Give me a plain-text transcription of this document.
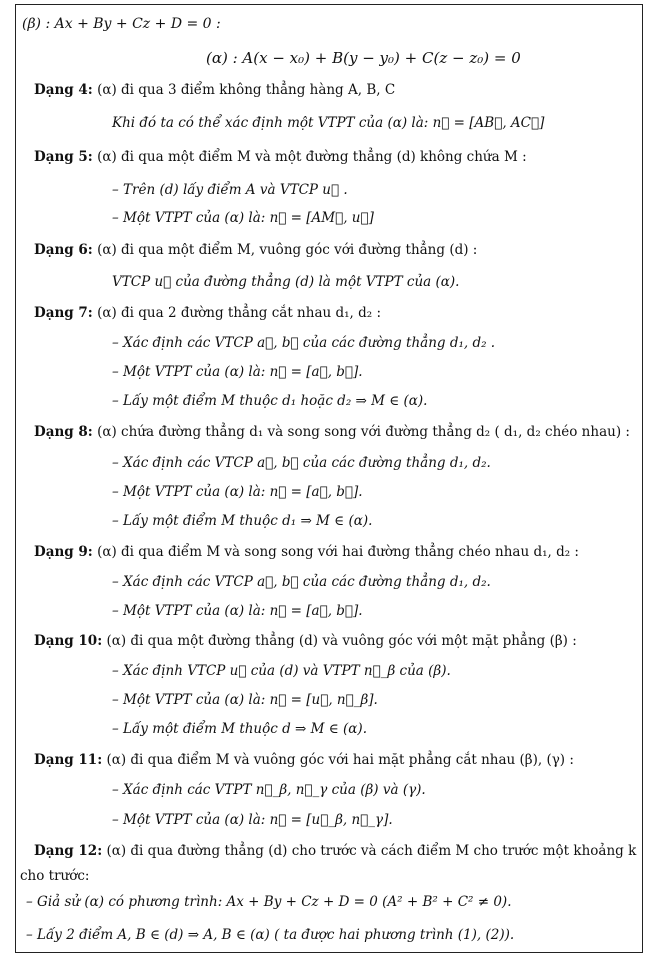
(β) : Ax + By + Cz + D = 0 :
(α) : A(x − x₀) + B(y − y₀) + C(z − z₀) = 0
Dạng 4: (α) đi qua 3 điểm không thẳng hàng A, B, C
Khi đó ta có thể xác định một VTPT của (α) là: n⃗ = [AB⃗, AC⃗]
Dạng 5: (α) đi qua một điểm M và một đường thẳng (d) không chứa M :
– Trên (d) lấy điểm A và VTCP u⃗ .
– Một VTPT của (α) là: n⃗ = [AM⃗, u⃗]
Dạng 6: (α) đi qua một điểm M, vuông góc với đường thẳng (d) :
VTCP u⃗ của đường thẳng (d) là một VTPT của (α).
Dạng 7: (α) đi qua 2 đường thẳng cắt nhau d₁, d₂ :
– Xác định các VTCP a⃗, b⃗ của các đường thẳng d₁, d₂ .
– Một VTPT của (α) là: n⃗ = [a⃗, b⃗].
– Lấy một điểm M thuộc d₁ hoặc d₂ ⇒ M ∈ (α).
Dạng 8: (α) chứa đường thẳng d₁ và song song với đường thẳng d₂ ( d₁, d₂ chéo nhau) :
– Xác định các VTCP a⃗, b⃗ của các đường thẳng d₁, d₂.
– Một VTPT của (α) là: n⃗ = [a⃗, b⃗].
– Lấy một điểm M thuộc d₁ ⇒ M ∈ (α).
Dạng 9: (α) đi qua điểm M và song song với hai đường thẳng chéo nhau d₁, d₂ :
– Xác định các VTCP a⃗, b⃗ của các đường thẳng d₁, d₂.
– Một VTPT của (α) là: n⃗ = [a⃗, b⃗].
Dạng 10: (α) đi qua một đường thẳng (d) và vuông góc với một mặt phẳng (β) :
– Xác định VTCP u⃗ của (d) và VTPT n⃗_β của (β).
– Một VTPT của (α) là: n⃗ = [u⃗, n⃗_β].
– Lấy một điểm M thuộc d ⇒ M ∈ (α).
Dạng 11: (α) đi qua điểm M và vuông góc với hai mặt phẳng cắt nhau (β), (γ) :
– Xác định các VTPT n⃗_β, n⃗_γ của (β) và (γ).
– Một VTPT của (α) là: n⃗ = [u⃗_β, n⃗_γ].
Dạng 12: (α) đi qua đường thẳng (d) cho trước và cách điểm M cho trước một khoảng k
cho trước:
– Giả sử (α) có phương trình: Ax + By + Cz + D = 0 (A² + B² + C² ≠ 0).
– Lấy 2 điểm A, B ∈ (d) ⇒ A, B ∈ (α) ( ta được hai phương trình (1), (2)).
